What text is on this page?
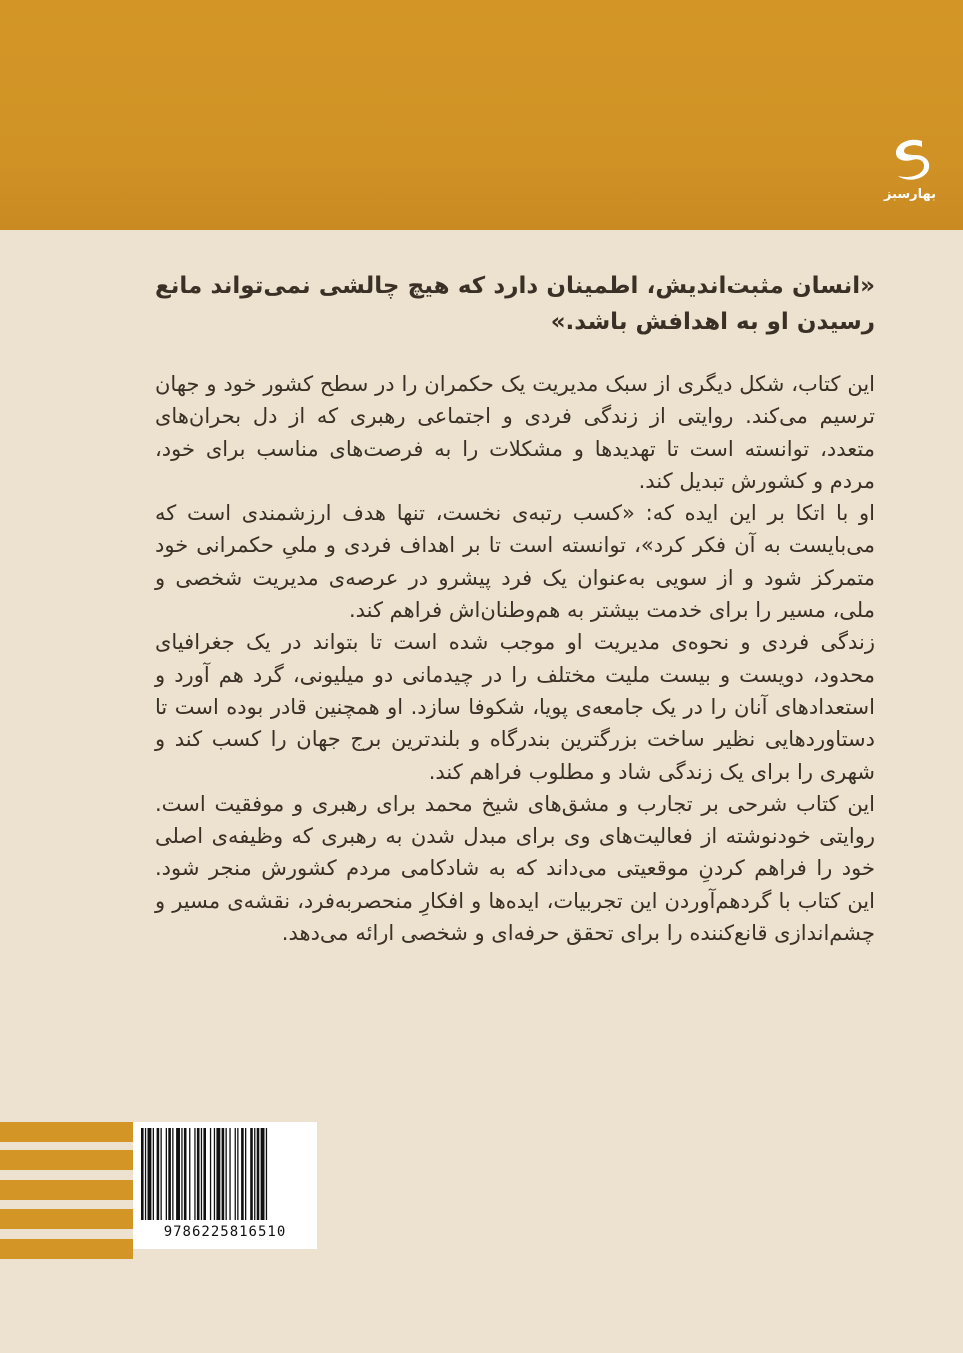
بهارسبز
«انسان مثبت‌اندیش، اطمینان دارد که هیچ چالشی نمی‌تواند مانع رسیدن او به اهدافش باشد.»

این کتاب، شکل دیگری از سبک مدیریت یک حکمران را در سطح کشور خود و جهان ترسیم می‌کند. روایتی از زندگی فردی و اجتماعی رهبری که از دل بحران‌های متعدد، توانسته است تا تهدیدها و مشکلات را به فرصت‌های مناسب برای خود، مردم و کشورش تبدیل کند.

او با اتکا بر این ایده که: «کسب رتبه‌ی نخست، تنها هدف ارزشمندی است که می‌بایست به آن فکر کرد»، توانسته است تا بر اهداف فردی و ملیِ حکمرانی خود متمرکز شود و از سویی به‌عنوان یک فرد پیشرو در عرصه‌ی مدیریت شخصی و ملی، مسیر را برای خدمت بیشتر به هم‌وطنان‌اش فراهم کند.

زندگی فردی و نحوه‌ی مدیریت او موجب شده است تا بتواند در یک جغرافیای محدود، دویست و بیست ملیت مختلف را در چیدمانی دو میلیونی، گرد هم آورد و استعدادهای آنان را در یک جامعه‌ی پویا، شکوفا سازد. او همچنین قادر بوده است تا دستاوردهایی نظیر ساخت بزرگترین بندرگاه و بلندترین برج جهان را کسب کند و شهری را برای یک زندگی شاد و مطلوب فراهم کند.

این کتاب شرحی بر تجارب و مشق‌های شیخ محمد برای رهبری و موفقیت است. روایتی خودنوشته از فعالیت‌های وی برای مبدل شدن به رهبری که وظیفه‌ی اصلی خود را فراهم کردنِ موقعیتی می‌داند که به شادکامی مردم کشورش منجر شود. این کتاب با گردهم‌آوردن این تجربیات، ایده‌ها و افکارِ منحصربه‌فرد، نقشه‌ی مسیر و چشم‌اندازی قانع‌کننده را برای تحقق حرفه‌ای و شخصی ارائه می‌دهد.

9786225816510
